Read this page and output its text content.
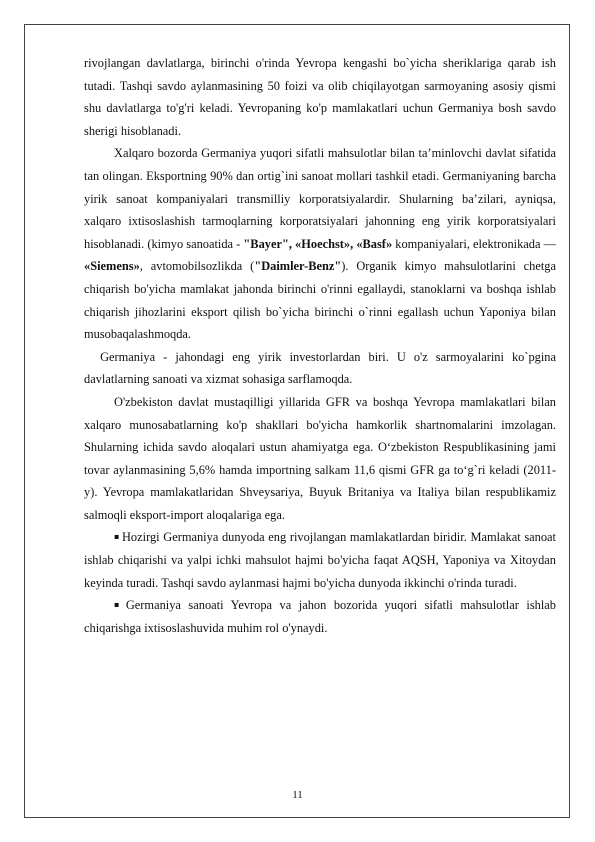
rivojlangan davlatlarga, birinchi o'rinda Yevropa kengashi bo`yicha sheriklariga qarab ish tutadi. Tashqi savdo aylanmasining 50 foizi va olib chiqilayotgan sarmoyaning asosiy qismi shu davlatlarga to'g'ri keladi. Yevropaning ko'p mamlakatlari uchun Germaniya bosh savdo sherigi hisoblanadi.

Xalqaro bozorda Germaniya yuqori sifatli mahsulotlar bilan ta’minlovchi davlat sifatida tan olingan. Eksportning 90% dan ortig`ini sanoat mollari tashkil etadi. Germaniyaning barcha yirik sanoat kompaniyalari transmilliy korporatsiyalardir. Shularning ba’zilari, ayniqsa, xalqaro ixtisoslashish tarmoqlarning korporatsiyalari jahonning eng yirik korporatsiyalari hisoblanadi. (kimyo sanoatida - "Bayer", «Hoechst», «Basf» kompaniyalari, elektronikada — «Siemens», avtomobilsozlikda ("Daimler-Benz"). Organik kimyo mahsulotlarini chetga chiqarish bo'yicha mamlakat jahonda birinchi o'rinni egallaydi, stanoklarni va boshqa ishlab chiqarish jihozlarini eksport qilish bo`yicha birinchi o`rinni egallash uchun Yaponiya bilan musobaqalashmoqda.

Germaniya - jahondagi eng yirik investorlardan biri. U o'z sarmoyalarini ko`pgina davlatlarning sanoati va xizmat sohasiga sarflamoqda.

O'zbekiston davlat mustaqilligi yillarida GFR va boshqa Yevropa mamlakatlari bilan xalqaro munosabatlarning ko'p shakllari bo'yicha hamkorlik shartnomalarini imzolagan. Shularning ichida savdo aloqalari ustun ahamiyatga ega. O‘zbekiston Respublikasining jami tovar aylanmasining 5,6% hamda importning salkam 11,6 qismi GFR ga to‘g`ri keladi (2011-y). Yevropa mamlakatlaridan Shveysariya, Buyuk Britaniya va Italiya bilan respublikamiz salmoqli eksport-import aloqalariga ega.

▪ Hozirgi Germaniya dunyoda eng rivojlangan mamlakatlardan biridir. Mamlakat sanoat ishlab chiqarishi va yalpi ichki mahsulot hajmi bo'yicha faqat AQSH, Yaponiya va Xitoydan keyinda turadi. Tashqi savdo aylanmasi hajmi bo'yicha dunyoda ikkinchi o'rinda turadi.

▪ Germaniya sanoati Yevropa va jahon bozorida yuqori sifatli mahsulotlar ishlab chiqarishga ixtisoslashuvida muhim rol o'ynaydi.

11
